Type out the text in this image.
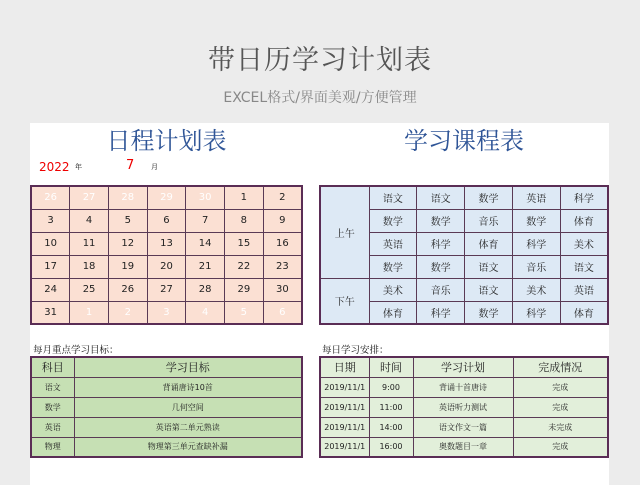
带日历学习计划表
EXCEL格式/界面美观/方便管理
日程计划表
2022 年	7 月
26	27	28	29	30	1	2
3	4	5	6	7	8	9
10	11	12	13	14	15	16
17	18	19	20	21	22	23
24	25	26	27	28	29	30
31	1	2	3	4	5	6
学习课程表
上午	语文	语文	数学	英语	科学
	数学	数学	音乐	数学	体育
	英语	科学	体育	科学	美术
	数学	数学	语文	音乐	语文
下午	美术	音乐	语文	美术	英语
	体育	科学	数学	科学	体育
每月重点学习目标：
科目	学习目标
语文	背诵唐诗10首
数学	几何空间
英语	英语第二单元熟读
物理	物理第三单元查缺补漏
每日学习安排：
日期	时间	学习计划	完成情况
2019/11/1	9:00	背诵十首唐诗	完成
2019/11/1	11:00	英语听力测试	完成
2019/11/1	14:00	语文作文一篇	未完成
2019/11/1	16:00	奥数题目一章	完成
